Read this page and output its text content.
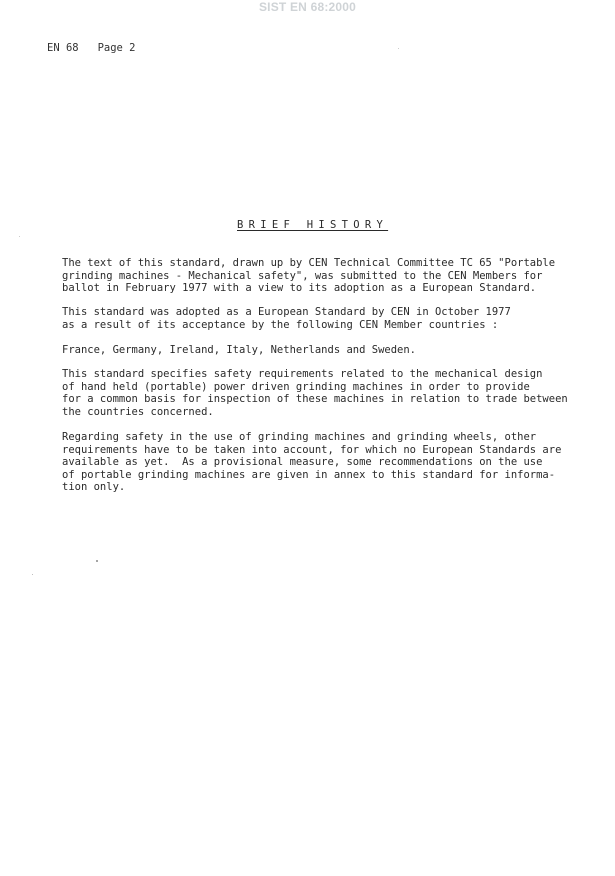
SIST EN 68:2000
EN 68   Page 2
BRIEF HISTORY
The text of this standard, drawn up by CEN Technical Committee TC 65 "Portable
grinding machines - Mechanical safety", was submitted to the CEN Members for
ballot in February 1977 with a view to its adoption as a European Standard.
This standard was adopted as a European Standard by CEN in October 1977
as a result of its acceptance by the following CEN Member countries :
France, Germany, Ireland, Italy, Netherlands and Sweden.
This standard specifies safety requirements related to the mechanical design
of hand held (portable) power driven grinding machines in order to provide
for a common basis for inspection of these machines in relation to trade between
the countries concerned.
Regarding safety in the use of grinding machines and grinding wheels, other
requirements have to be taken into account, for which no European Standards are
available as yet.  As a provisional measure, some recommendations on the use
of portable grinding machines are given in annex to this standard for informa-
tion only.
